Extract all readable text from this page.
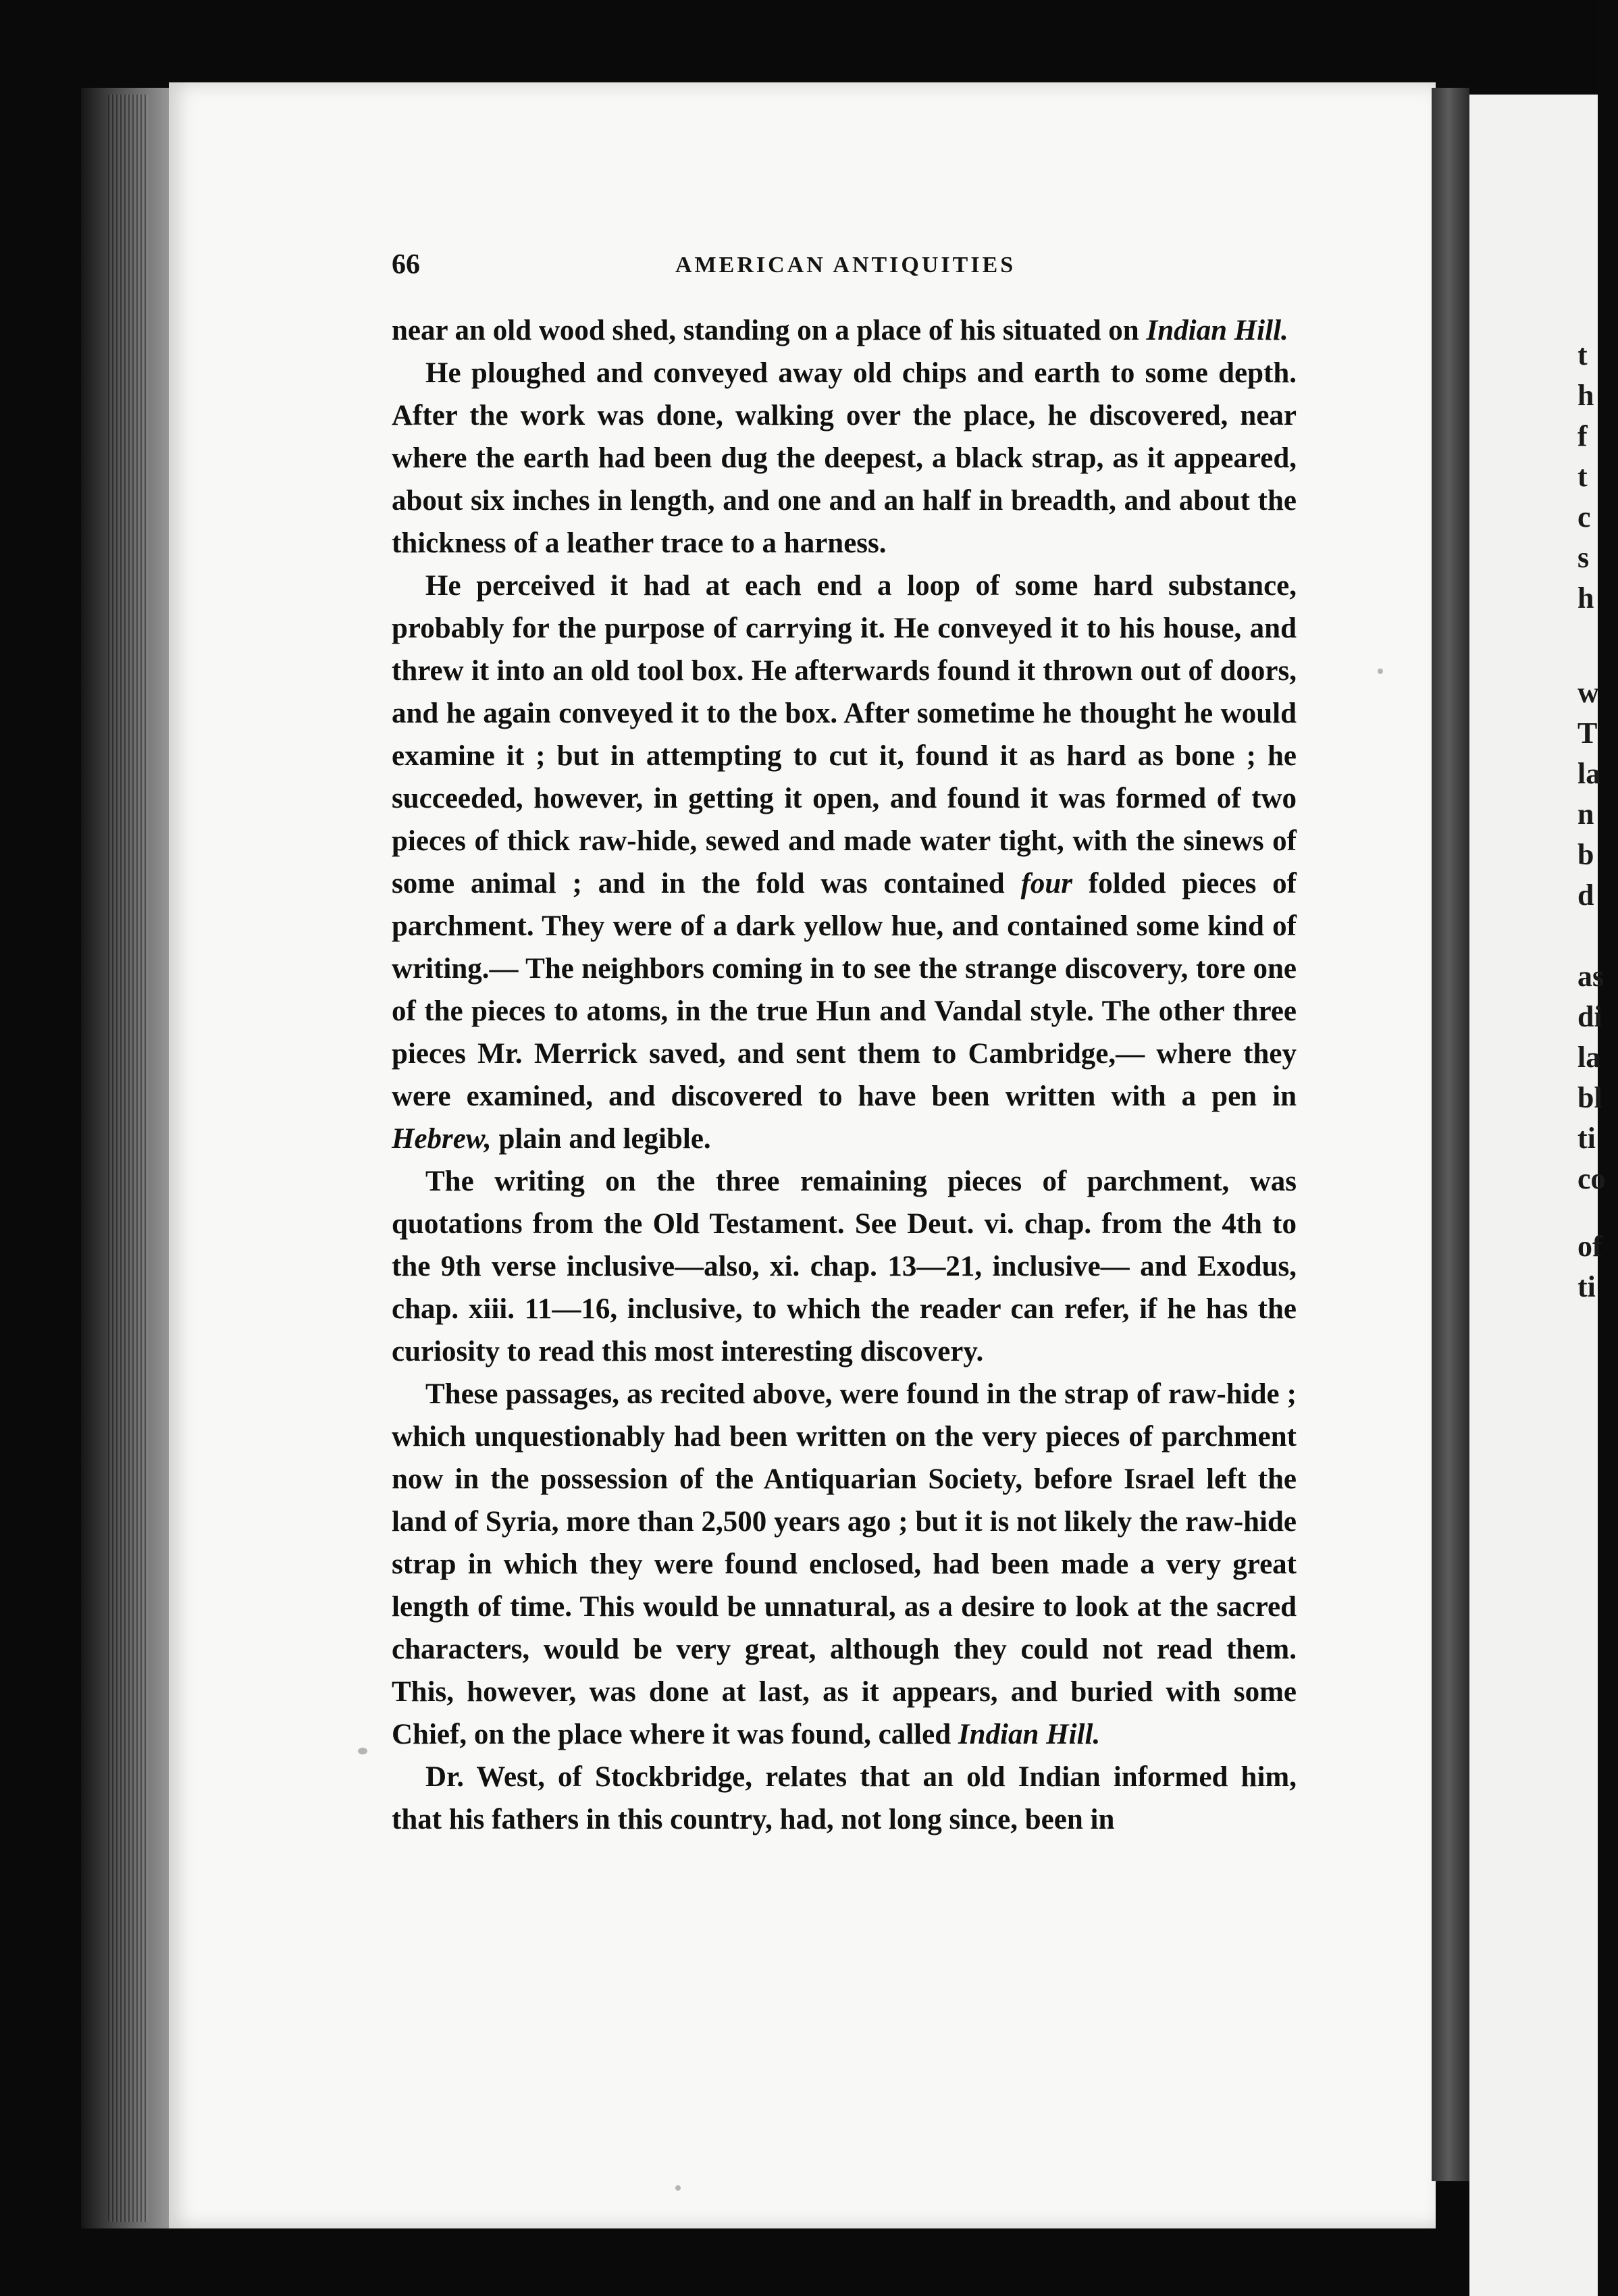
t
h
f
t
c
s
h
w
T
la
n
b
d
as
di
la
bl
ti
co
of
ti
66	AMERICAN ANTIQUITIES

near an old wood shed, standing on a place of his situated on Indian Hill.

He ploughed and conveyed away old chips and earth to some depth. After the work was done, walking over the place, he discovered, near where the earth had been dug the deepest, a black strap, as it appeared, about six inches in length, and one and an half in breadth, and about the thickness of a leather trace to a harness.

He perceived it had at each end a loop of some hard substance, probably for the purpose of carrying it. He conveyed it to his house, and threw it into an old tool box. He afterwards found it thrown out of doors, and he again conveyed it to the box. After sometime he thought he would examine it ; but in attempting to cut it, found it as hard as bone ; he succeeded, however, in getting it open, and found it was formed of two pieces of thick raw-hide, sewed and made water tight, with the sinews of some animal ; and in the fold was contained four folded pieces of parchment. They were of a dark yellow hue, and contained some kind of writing.— The neighbors coming in to see the strange discovery, tore one of the pieces to atoms, in the true Hun and Vandal style. The other three pieces Mr. Merrick saved, and sent them to Cambridge,— where they were examined, and discovered to have been written with a pen in Hebrew, plain and legible.

The writing on the three remaining pieces of parchment, was quotations from the Old Testament. See Deut. vi. chap. from the 4th to the 9th verse inclusive—also, xi. chap. 13—21, inclusive— and Exodus, chap. xiii. 11—16, inclusive, to which the reader can refer, if he has the curiosity to read this most interesting discovery.

These passages, as recited above, were found in the strap of raw-hide ; which unquestionably had been written on the very pieces of parchment now in the possession of the Antiquarian Society, before Israel left the land of Syria, more than 2,500 years ago ; but it is not likely the raw-hide strap in which they were found enclosed, had been made a very great length of time. This would be unnatural, as a desire to look at the sacred characters, would be very great, although they could not read them. This, however, was done at last, as it appears, and buried with some Chief, on the place where it was found, called Indian Hill.

Dr. West, of Stockbridge, relates that an old Indian informed him, that his fathers in this country, had, not long since, been in
